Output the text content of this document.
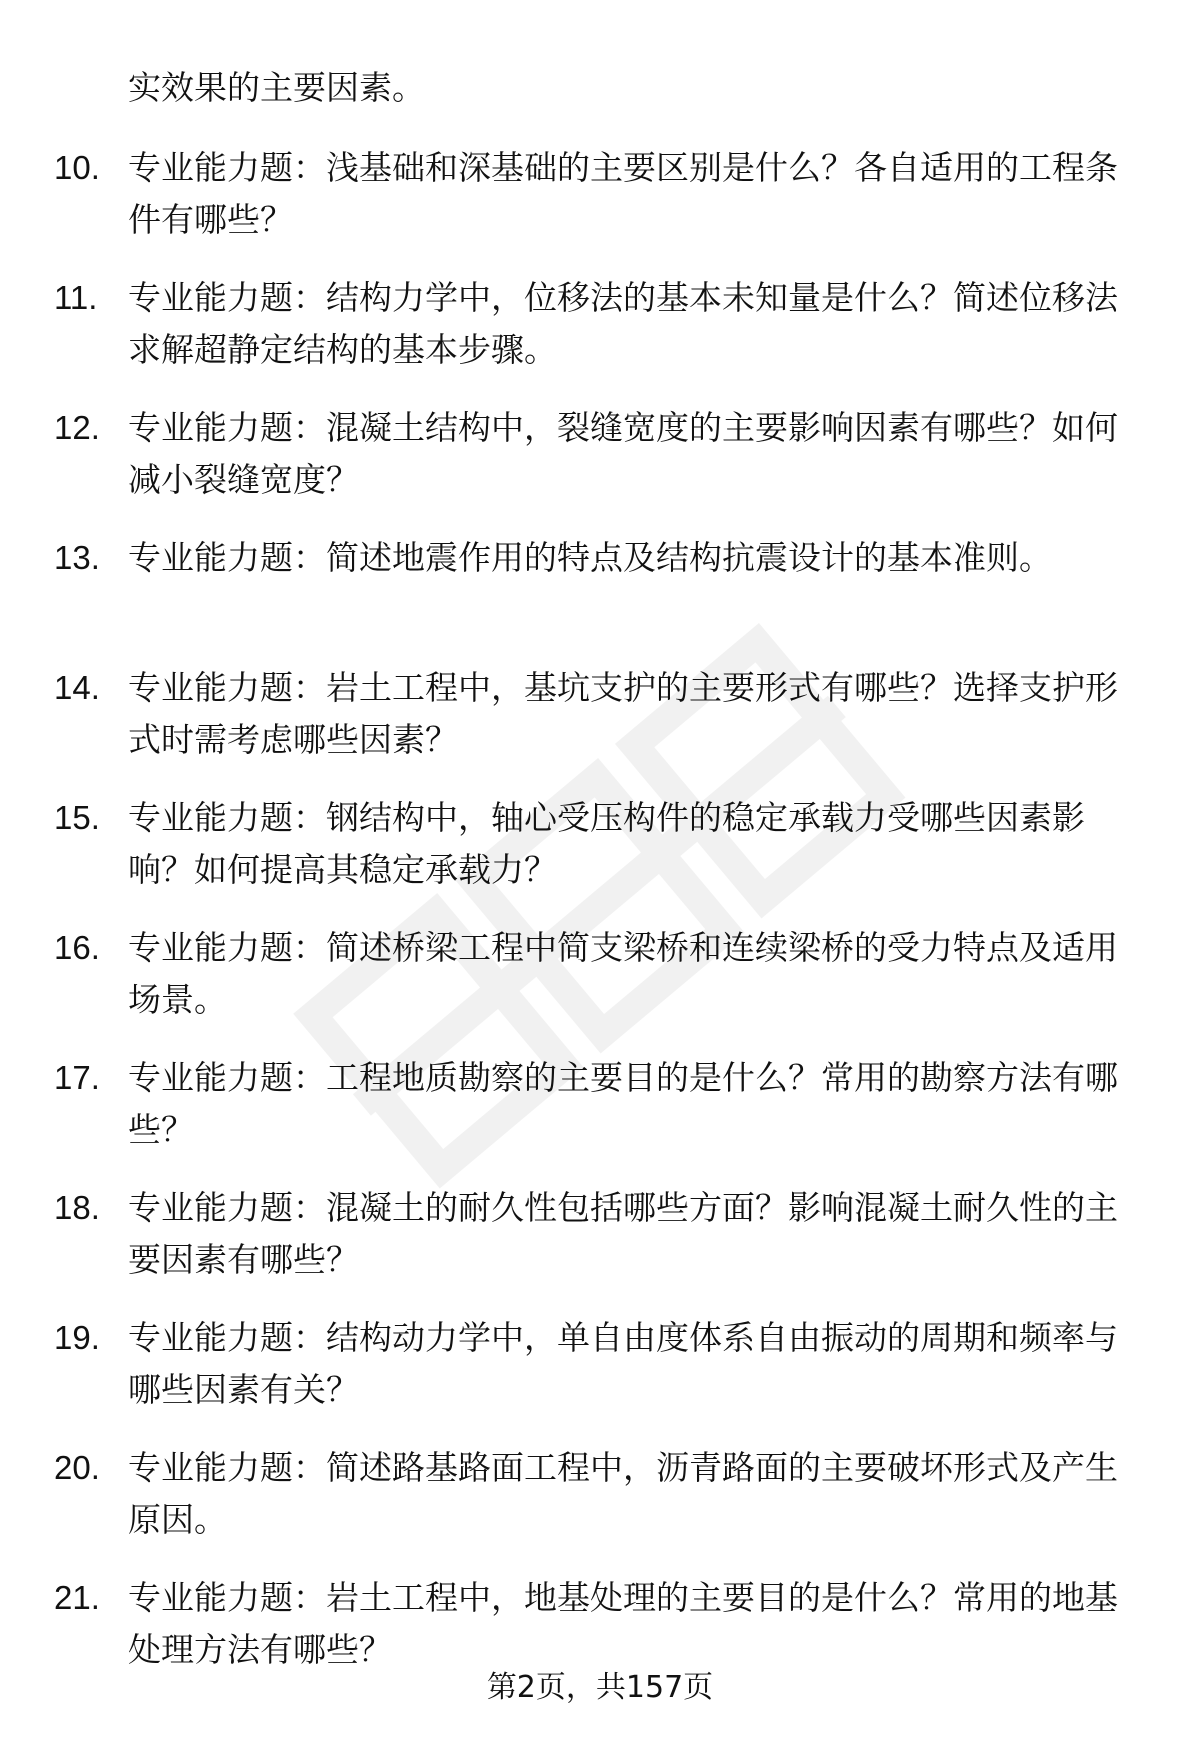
实效果的主要因素。

10. 专业能力题：浅基础和深基础的主要区别是什么？各自适用的工程条件有哪些？
11. 专业能力题：结构力学中，位移法的基本未知量是什么？简述位移法求解超静定结构的基本步骤。
12. 专业能力题：混凝土结构中，裂缝宽度的主要影响因素有哪些？如何减小裂缝宽度？
13. 专业能力题：简述地震作用的特点及结构抗震设计的基本准则。
14. 专业能力题：岩土工程中，基坑支护的主要形式有哪些？选择支护形式时需考虑哪些因素？
15. 专业能力题：钢结构中，轴心受压构件的稳定承载力受哪些因素影响？如何提高其稳定承载力？
16. 专业能力题：简述桥梁工程中简支梁桥和连续梁桥的受力特点及适用场景。
17. 专业能力题：工程地质勘察的主要目的是什么？常用的勘察方法有哪些？
18. 专业能力题：混凝土的耐久性包括哪些方面？影响混凝土耐久性的主要因素有哪些？
19. 专业能力题：结构动力学中，单自由度体系自由振动的周期和频率与哪些因素有关？
20. 专业能力题：简述路基路面工程中，沥青路面的主要破坏形式及产生原因。
21. 专业能力题：岩土工程中，地基处理的主要目的是什么？常用的地基处理方法有哪些？
第2页，共157页
